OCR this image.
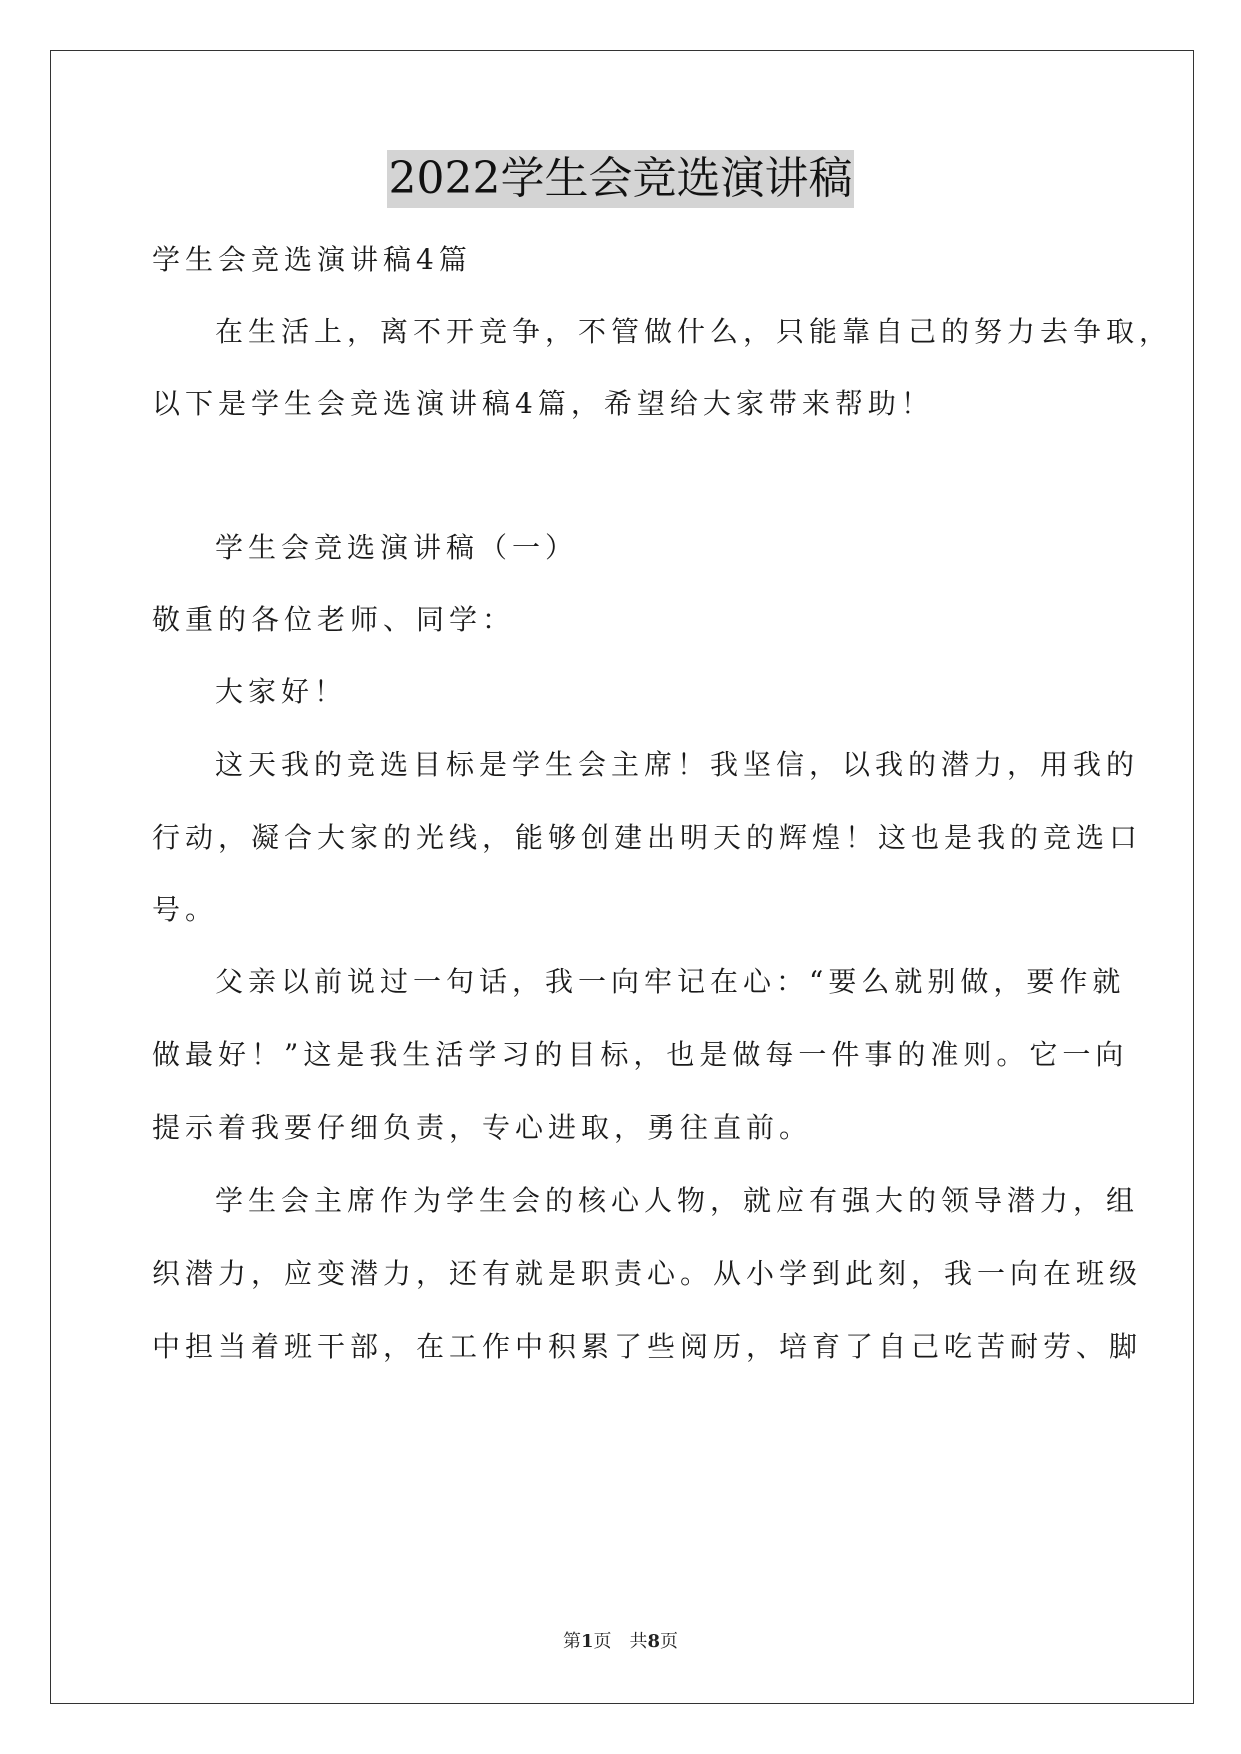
2022学生会竞选演讲稿
学生会竞选演讲稿4篇
在生活上，离不开竞争，不管做什么，只能靠自己的努力去争取，
以下是学生会竞选演讲稿4篇，希望给大家带来帮助！
学生会竞选演讲稿（一）
敬重的各位老师、同学：
大家好！
这天我的竞选目标是学生会主席！我坚信，以我的潜力，用我的
行动，凝合大家的光线，能够创建出明天的辉煌！这也是我的竞选口
号。
父亲以前说过一句话，我一向牢记在心：“要么就别做，要作就
做最好！”这是我生活学习的目标，也是做每一件事的准则。它一向
提示着我要仔细负责，专心进取，勇往直前。
学生会主席作为学生会的核心人物，就应有强大的领导潜力，组
织潜力，应变潜力，还有就是职责心。从小学到此刻，我一向在班级
中担当着班干部，在工作中积累了些阅历，培育了自己吃苦耐劳、脚
第1页　共8页
